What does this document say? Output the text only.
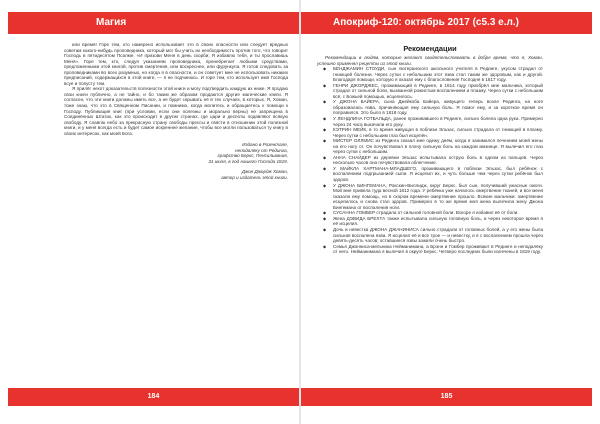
Магия

или время! Горе тем, кто намерено использовает это в своих опасности или следует вредных советам какого-нибудь проповедника, который мог бы учить их необходимость против того, что говорит Господь в пятидесятом Псалме. «И призови Меня в день скорби; Я избавлю тебя, и ты прославишь Меня». Горе тем, кто, следуя указаниям проповедника, пренебрегает любыми средствами, предложенными этой книгой, против смертения, или воскреснее, или фурункула. Я готов следовать за проповедниками во всех разумных, но когда я в опасности, и он советует мне не использовать никаких предписаний, содержащихся в этой книге, — я не подчинюсь. И горе тем, кто использует имя Господа всуе и попусту тем.

Я прилёг нехот доказательств полезности этой книги и могу подтвердить каждую из ниже. Я продаю свои книги публично, а не тайно, и бо таким же образом продаются другие магические книги. Я согласен, что эти книги должны иметь все, а не будет скрывать её в тех случаях, в которых. Я, Хоман, тоже знаю, что это в Священном Писании, и помнимо, когда молитесь и обращаетесь к помощи к Господу. Публикация книг (при условии, если они полезны и морально верны) не запрещена в Соединённых Штатах, как это происходит в других странах, где цари и деспоты подавляют всякую свободу. Я славлю небо за прекрасную страну свободы прессы и свясти в отношении этой полезной книги, и у меня всегда есть и будет самое искреннее желание, чтобы все могли пользоваться ту книгу в своих интересах, как моей Бога.

Издано в Розентале,
неподалёку от Рединга,
графство Беркс, Пенсильвания,
31 июля, в год нашего Господа 1819.
Джон Джордж Хоман,
автор и издатель этой книги.
184
Апокриф-120: октябрь 2017 (с5.3 е.л.)
Рекомендации

Рекомендации в людям, которые желают свидетельствовать в добре время, что я, Хоман, успешно применял рецепты из этой книги.

◆ БЕНДЖАМИН СТОУДИ, сын лютеранского школьного учителя в Рединге, укусом страдал от гниющей болезни. Через сутки с небольшим этот язва стал таким же здоровым, как и другой. Благодаря помощи, которую я оказал ему с благословения Господня в 1817 году.
◆ ГЕНРИ ДЖОРДЖЕС, проживающий в Рединге, в 1814 году приобрёл мне мальчика, который страдал от сильной боли, вызванной рожистым воспалением и плазму. Через сутки с небольшим всё, с Божьей помощью, исцелилось.
◆ У ДЖОНА БАЙЕРА, сына Джейкоба Байера, живущего теперь возле Рединга, на ноге образовалась язва, причиняющая ему сильную боль. Я помог ему, и за короткое время он поправился. Это было в 1818 году.
◆ У ЛЕНДЛИНА ГОТБАЛЬДА, ранее проживавшего в Рединге, сильно болела одна рука. Примерно через 24 часа выкачали его руку.
◆ КЭТРИН МЕЙК, в то время живущая в поблизи Эльзас, сильно страдала от гниющей в плазму. Через сутки с небольшим глаз был исцелён.
◆ МИСТЕР ОЛЛМИС из Рединга сказал мне одежу днём, когда я занимался лечением моей жены на его ногу от. Он почувствовал в плачу сильную боль на каждом мизинце. Я вылечил его глаз через сутки с небольшим.
◆ АННА СНАЙДЕР из деревни Эльзас испытывала острую боль в одном из пальцев. Через несколько часов она почувствовала облегчение.
◆ У МАЙКЛА ХАРТМАНА-МЛАДШЕГО, проживающего в поблизи Эльзас, был ребёнок с воспалением подгрызанией сыпи. Я исцелил их, и чуть больше чем через сутки ребёнок был здоров.
◆ У ДЖОНА БИНГЕМАНА, Рокскин-Виллидж, округ Беркс, был сын, получивший ужасные ожоги. Мой мне привела туда весной 1812 года. У ребёнка уже началось омертвение тканей, и все меня оказали ему помощь, но в скором времени омертвение прошло. Всякие мальчики: омертвение исцелилось и снова стал здоров. Примерно в то же время моя жена вылечила жену Джона Бингемана от воспаления ноги.
◆ СУСАННА ГОМБЕР страдала от сильной головной боли. Вскоре я избавил её от боли.
◆ Жена ДЭВИДА БРЕХТА также испытывала сильную головную боль, и через некоторое время я её исцелил.
◆ Дочь и невестка ДЖОНА ДЖАНИНИСА сильно страдали от головных болей, а у его жены была сильная воспалена язва. Я исцелил её и все трое — и невестку, и я с воспалением прошла через девять-десять часов; оставшиеся язвы зажили очень быстро.
◆ Семья Джонниса-мельника Нейманимана, а Брэнн и Гомбер проживают в Рединге и неподалёку от него. Нейманимана я вылечил в округе Беркс. Четверо последних были излечены в 1819 году.
185
